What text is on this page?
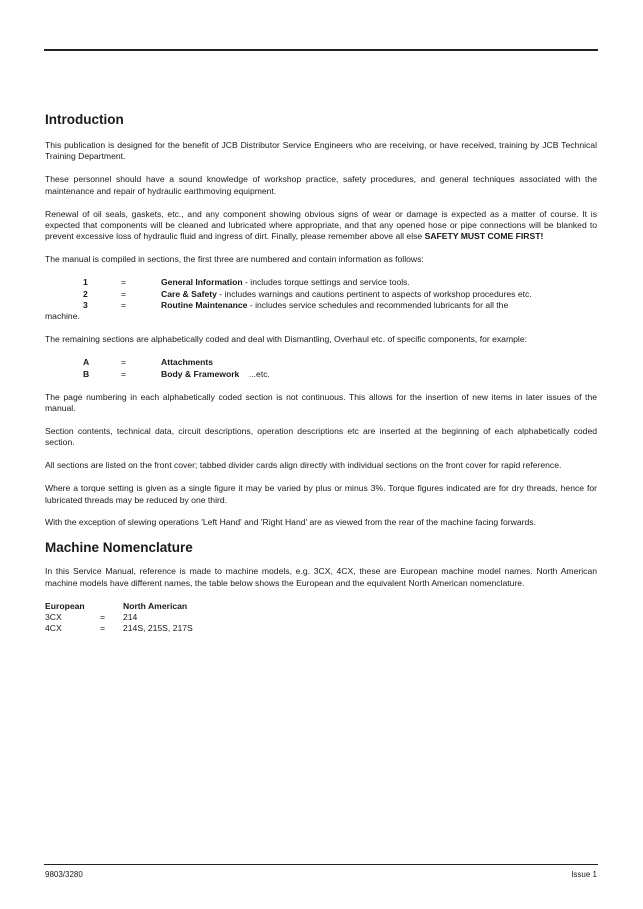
Introduction

This publication is designed for the benefit of JCB Distributor Service Engineers who are receiving, or have received, training by JCB Technical Training Department.

These personnel should have a sound knowledge of workshop practice, safety procedures, and general techniques associated with the maintenance and repair of hydraulic earthmoving equipment.

Renewal of oil seals, gaskets, etc., and any component showing obvious signs of wear or damage is expected as a matter of course. It is expected that components will be cleaned and lubricated where appropriate, and that any opened hose or pipe connections will be blanked to prevent excessive loss of hydraulic fluid and ingress of dirt. Finally, please remember above all else SAFETY MUST COME FIRST!

The manual is compiled in sections, the first three are numbered and contain information as follows:

1	=	General Information - includes torque settings and service tools.
2	=	Care & Safety - includes warnings and cautions pertinent to aspects of workshop procedures etc.
3	=	Routine Maintenance - includes service schedules and recommended lubricants for all the
machine.

The remaining sections are alphabetically coded and deal with Dismantling, Overhaul etc. of specific components, for example:

A	=	Attachments
B	=	Body & Framework    ...etc.

The page numbering in each alphabetically coded section is not continuous. This allows for the insertion of new items in later issues of the manual.

Section contents, technical data, circuit descriptions, operation descriptions etc are inserted at the beginning of each alphabetically coded section.

All sections are listed on the front cover; tabbed divider cards align directly with individual sections on the front cover for rapid reference.

Where a torque setting is given as a single figure it may be varied by plus or minus 3%. Torque figures indicated are for dry threads, hence for lubricated threads may be reduced by one third.

With the exception of slewing operations 'Left Hand' and 'Right Hand' are as viewed from the rear of the machine facing forwards.

Machine Nomenclature

In this Service Manual, reference is made to machine models, e.g. 3CX, 4CX, these are European machine model names. North American machine models have different names, the table below shows the European and the equivalent North American nomenclature.

European		North American
3CX	=	214
4CX	=	214S, 215S, 217S
9803/3280	Issue 1
